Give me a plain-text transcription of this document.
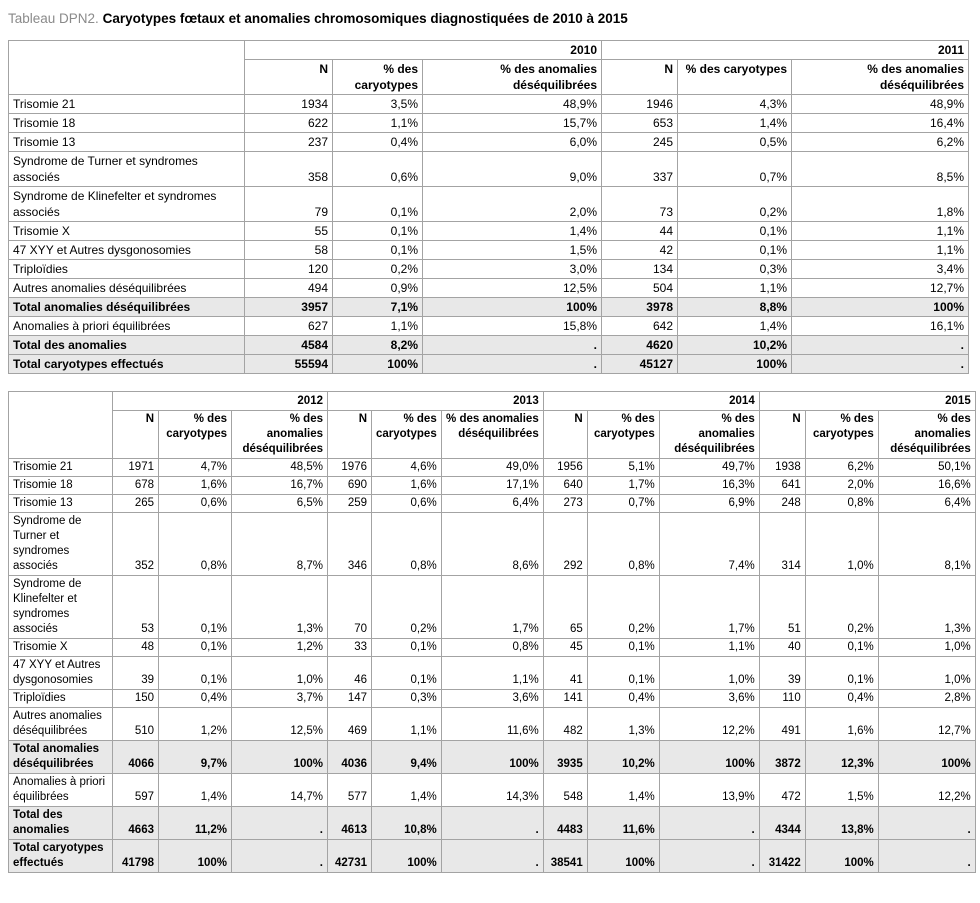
Tableau DPN2. Caryotypes fœtaux et anomalies chromosomiques diagnostiquées de 2010 à 2015
	2010			2011		
	N	% des caryotypes	% des anomalies déséquilibrées	N	% des caryotypes	% des anomalies déséquilibrées
Trisomie 21	1934	3,5%	48,9%	1946	4,3%	48,9%
Trisomie 18	622	1,1%	15,7%	653	1,4%	16,4%
Trisomie 13	237	0,4%	6,0%	245	0,5%	6,2%
Syndrome de Turner et syndromes associés	358	0,6%	9,0%	337	0,7%	8,5%
Syndrome de Klinefelter et syndromes associés	79	0,1%	2,0%	73	0,2%	1,8%
Trisomie X	55	0,1%	1,4%	44	0,1%	1,1%
47 XYY et Autres dysgonosomies	58	0,1%	1,5%	42	0,1%	1,1%
Triploïdies	120	0,2%	3,0%	134	0,3%	3,4%
Autres anomalies déséquilibrées	494	0,9%	12,5%	504	1,1%	12,7%
Total anomalies déséquilibrées	3957	7,1%	100%	3978	8,8%	100%
Anomalies à priori équilibrées	627	1,1%	15,8%	642	1,4%	16,1%
Total des anomalies	4584	8,2%	.	4620	10,2%	.
Total caryotypes effectués	55594	100%	.	45127	100%	.
	2012			2013			2014			2015		
	N	% des caryotypes	% des anomalies déséquilibrées	N	% des caryotypes	% des anomalies déséquilibrées	N	% des caryotypes	% des anomalies déséquilibrées	N	% des caryotypes	% des anomalies déséquilibrées
Trisomie 21	1971	4,7%	48,5%	1976	4,6%	49,0%	1956	5,1%	49,7%	1938	6,2%	50,1%
Trisomie 18	678	1,6%	16,7%	690	1,6%	17,1%	640	1,7%	16,3%	641	2,0%	16,6%
Trisomie 13	265	0,6%	6,5%	259	0,6%	6,4%	273	0,7%	6,9%	248	0,8%	6,4%
Syndrome de Turner et syndromes associés	352	0,8%	8,7%	346	0,8%	8,6%	292	0,8%	7,4%	314	1,0%	8,1%
Syndrome de Klinefelter et syndromes associés	53	0,1%	1,3%	70	0,2%	1,7%	65	0,2%	1,7%	51	0,2%	1,3%
Trisomie X	48	0,1%	1,2%	33	0,1%	0,8%	45	0,1%	1,1%	40	0,1%	1,0%
47 XYY et Autres dysgonosomies	39	0,1%	1,0%	46	0,1%	1,1%	41	0,1%	1,0%	39	0,1%	1,0%
Triploïdies	150	0,4%	3,7%	147	0,3%	3,6%	141	0,4%	3,6%	110	0,4%	2,8%
Autres anomalies déséquilibrées	510	1,2%	12,5%	469	1,1%	11,6%	482	1,3%	12,2%	491	1,6%	12,7%
Total anomalies déséquilibrées	4066	9,7%	100%	4036	9,4%	100%	3935	10,2%	100%	3872	12,3%	100%
Anomalies à priori équilibrées	597	1,4%	14,7%	577	1,4%	14,3%	548	1,4%	13,9%	472	1,5%	12,2%
Total des anomalies	4663	11,2%	.	4613	10,8%	.	4483	11,6%	.	4344	13,8%	.
Total caryotypes effectués	41798	100%	.	42731	100%	.	38541	100%	.	31422	100%	.
